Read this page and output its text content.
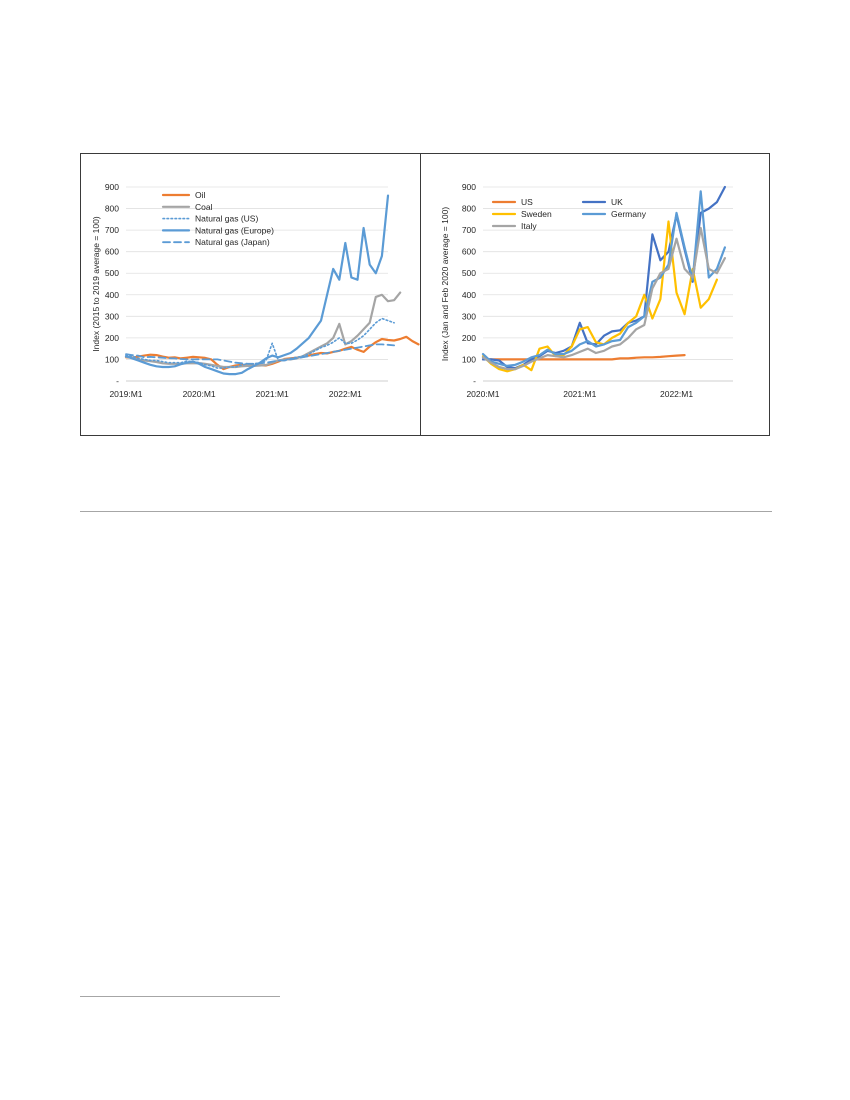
-
100
200
300
400
500
600
700
800
900
2019:M1	2020:M1	2021:M1	2022:M1
Index (2015 to 2019 average = 100)
Oil
Coal
Natural gas (US)
Natural gas (Europe)
Natural gas (Japan)
-
100
200
300
400
500
600
700
800
900
2020:M1	2021:M1	2022:M1
Index (Jan and Feb 2020 average = 100)
US	UK
Sweden	Germany
Italy
